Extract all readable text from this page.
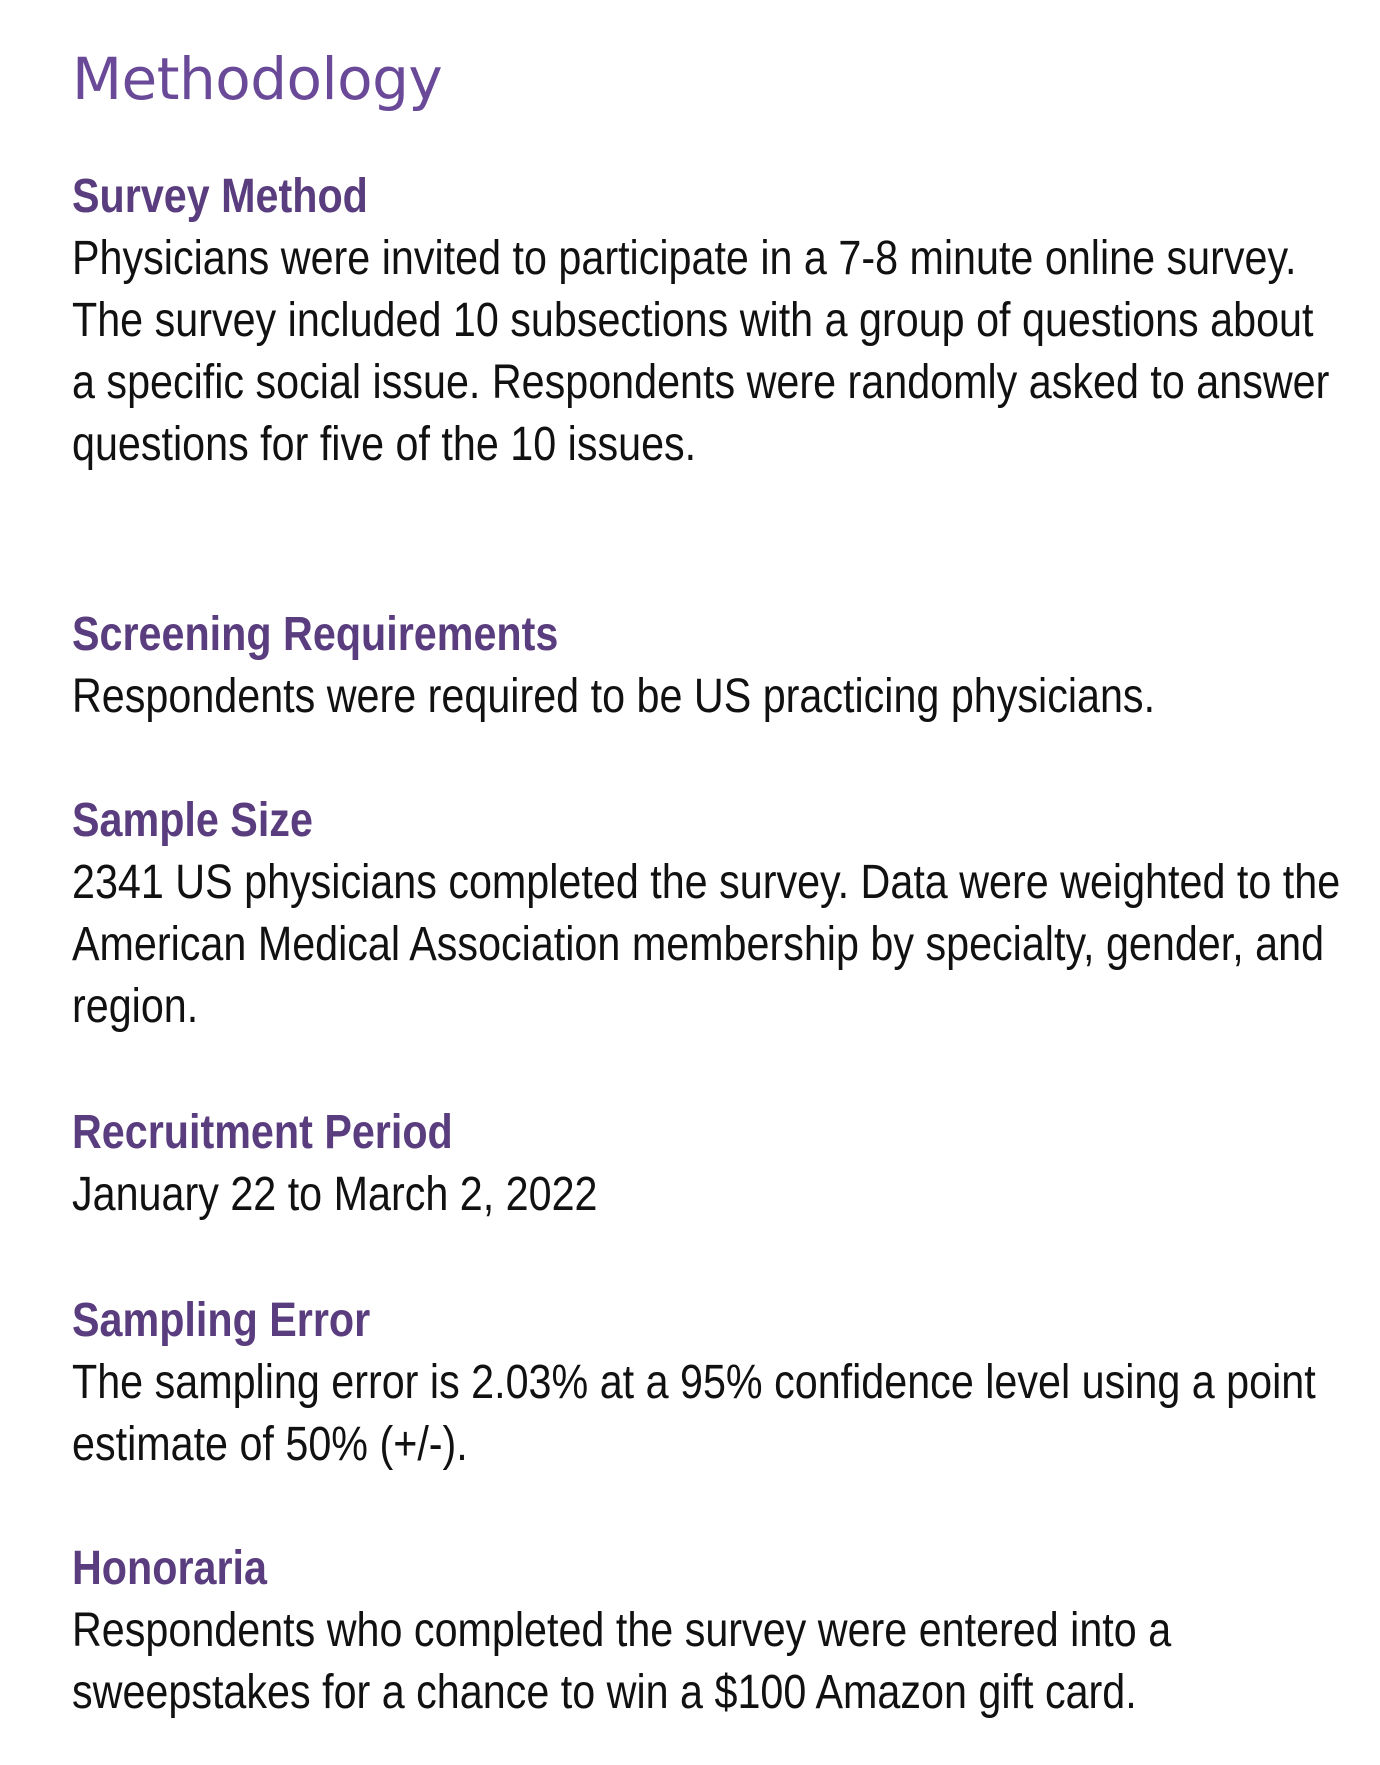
Methodology
Survey Method

Physicians were invited to participate in a 7-8 minute online survey. The survey included 10 subsections with a group of questions about a specific social issue. Respondents were randomly asked to answer questions for five of the 10 issues.

Screening Requirements

Respondents were required to be US practicing physicians.

Sample Size

2341 US physicians completed the survey. Data were weighted to the American Medical Association membership by specialty, gender, and region.

Recruitment Period

January 22 to March 2, 2022

Sampling Error

The sampling error is 2.03% at a 95% confidence level using a point estimate of 50% (+/-).

Honoraria

Respondents who completed the survey were entered into a sweepstakes for a chance to win a $100 Amazon gift card.
